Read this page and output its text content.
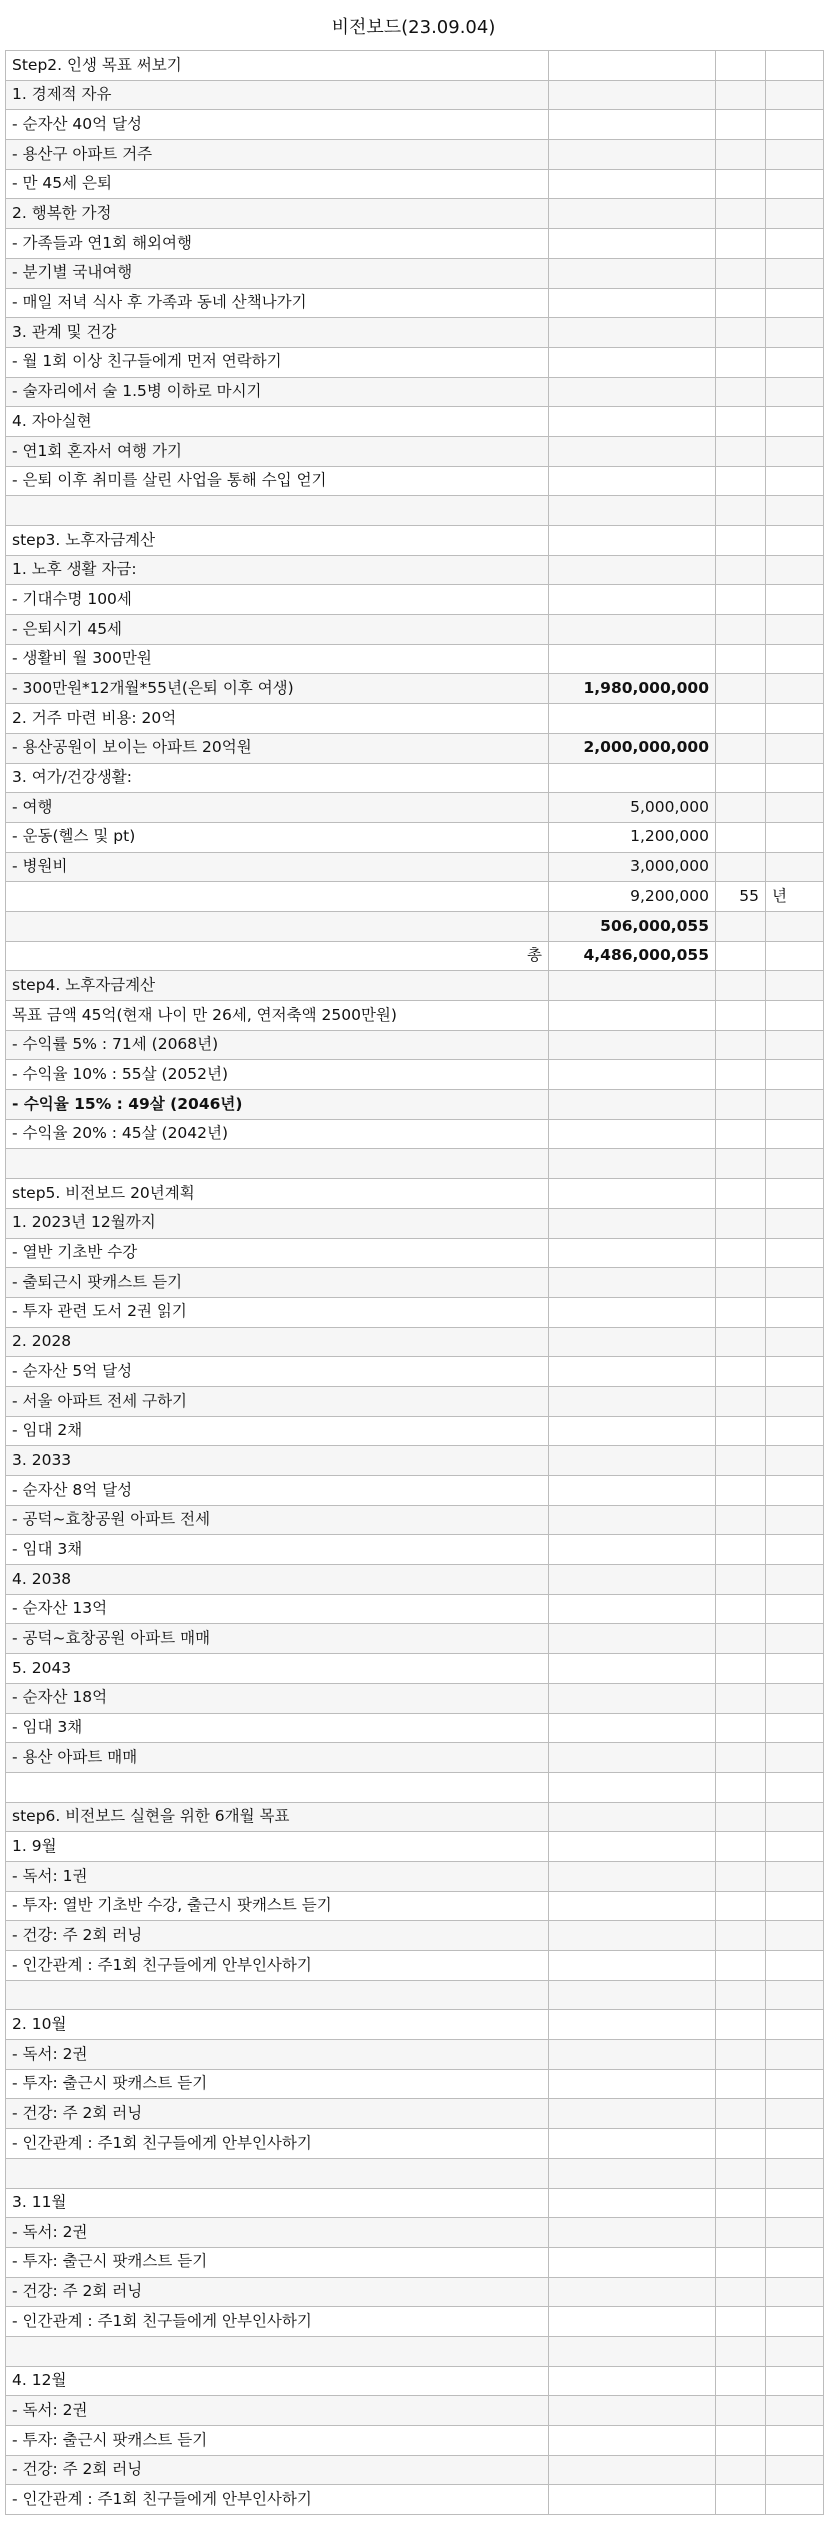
비전보드(23.09.04)
Step2. 인생 목표 써보기			
1. 경제적 자유			
- 순자산 40억 달성			
- 용산구 아파트 거주			
- 만 45세 은퇴			
2. 행복한 가정			
- 가족들과 연1회 해외여행			
- 분기별 국내여행			
- 매일 저녁 식사 후 가족과 동네 산책나가기			
3. 관계 및 건강			
- 월 1회 이상 친구들에게 먼저 연락하기			
- 술자리에서 술 1.5병 이하로 마시기			
4. 자아실현			
- 연1회 혼자서 여행 가기			
- 은퇴 이후 취미를 살린 사업을 통해 수입 얻기			

step3. 노후자금계산			
1. 노후 생활 자금:			
- 기대수명 100세			
- 은퇴시기 45세			
- 생활비 월 300만원			
- 300만원*12개월*55년(은퇴 이후 여생)	1,980,000,000		
2. 거주 마련 비용: 20억			
- 용산공원이 보이는 아파트 20억원	2,000,000,000		
3. 여가/건강생활:			
- 여행	5,000,000		
- 운동(헬스 및 pt)	1,200,000		
- 병원비	3,000,000		
	9,200,000	55	년
	506,000,055		
총	4,486,000,055		
step4. 노후자금계산			
목표 금액 45억(현재 나이 만 26세, 연저축액 2500만원)			
- 수익률 5% : 71세 (2068년)			
- 수익율 10% : 55살 (2052년)			
- 수익율 15% : 49살 (2046년)			
- 수익율 20% : 45살 (2042년)			

step5. 비전보드 20년계획			
1. 2023년 12월까지			
- 열반 기초반 수강			
- 출퇴근시 팟캐스트 듣기			
- 투자 관련 도서 2권 읽기			
2. 2028			
- 순자산 5억 달성			
- 서울 아파트 전세 구하기			
- 임대 2채			
3. 2033			
- 순자산 8억 달성			
- 공덕~효창공원 아파트 전세			
- 임대 3채			
4. 2038			
- 순자산 13억			
- 공덕~효창공원 아파트 매매			
5. 2043			
- 순자산 18억			
- 임대 3채			
- 용산 아파트 매매			

step6. 비전보드 실현을 위한 6개월 목표			
1. 9월			
- 독서: 1권			
- 투자: 열반 기초반 수강, 출근시 팟캐스트 듣기			
- 건강: 주 2회 러닝			
- 인간관계 : 주1회 친구들에게 안부인사하기			

2. 10월			
- 독서: 2권			
- 투자: 출근시 팟캐스트 듣기			
- 건강: 주 2회 러닝			
- 인간관계 : 주1회 친구들에게 안부인사하기			

3. 11월			
- 독서: 2권			
- 투자: 출근시 팟캐스트 듣기			
- 건강: 주 2회 러닝			
- 인간관계 : 주1회 친구들에게 안부인사하기			

4. 12월			
- 독서: 2권			
- 투자: 출근시 팟캐스트 듣기			
- 건강: 주 2회 러닝			
- 인간관계 : 주1회 친구들에게 안부인사하기			
